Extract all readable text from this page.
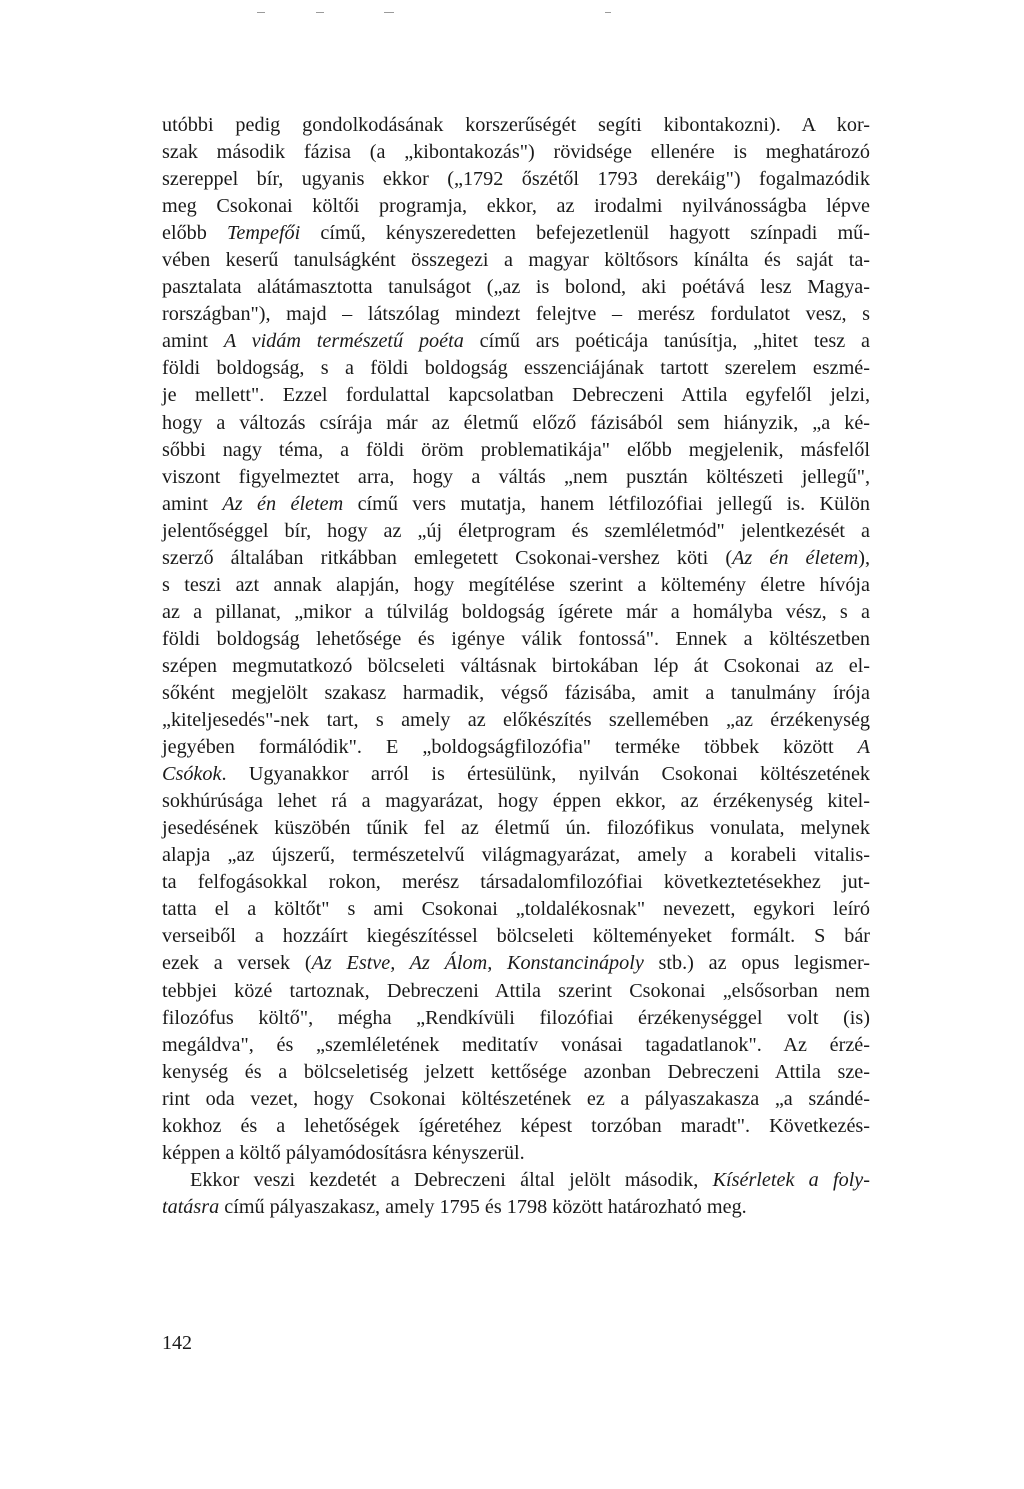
utóbbi pedig gondolkodásának korszerűségét segíti kibontakozni). A kor-
szak második fázisa (a „kibontakozás") rövidsége ellenére is meghatározó
szereppel bír, ugyanis ekkor („1792 őszétől 1793 derekáig") fogalmazódik
meg Csokonai költői programja, ekkor, az irodalmi nyilvánosságba lépve
előbb Tempefői című, kényszeredetten befejezetlenül hagyott színpadi mű-
vében keserű tanulságként összegezi a magyar költősors kínálta és saját ta-
pasztalata alátámasztotta tanulságot („az is bolond, aki poétává lesz Magya-
rországban"), majd – látszólag mindezt felejtve – merész fordulatot vesz, s
amint A vidám természetű poéta című ars poéticája tanúsítja, „hitet tesz a
földi boldogság, s a földi boldogság esszenciájának tartott szerelem eszmé-
je mellett". Ezzel fordulattal kapcsolatban Debreczeni Attila egyfelől jelzi,
hogy a változás csírája már az életmű előző fázisából sem hiányzik, „a ké-
sőbbi nagy téma, a földi öröm problematikája" előbb megjelenik, másfelől
viszont figyelmeztet arra, hogy a váltás „nem pusztán költészeti jellegű",
amint Az én életem című vers mutatja, hanem létfilozófiai jellegű is. Külön
jelentőséggel bír, hogy az „új életprogram és szemléletmód" jelentkezését a
szerző általában ritkábban emlegetett Csokonai-vershez köti (Az én életem),
s teszi azt annak alapján, hogy megítélése szerint a költemény életre hívója
az a pillanat, „mikor a túlvilág boldogság ígérete már a homályba vész, s a
földi boldogság lehetősége és igénye válik fontossá". Ennek a költészetben
szépen megmutatkozó bölcseleti váltásnak birtokában lép át Csokonai az el-
sőként megjelölt szakasz harmadik, végső fázisába, amit a tanulmány írója
„kiteljesedés"-nek tart, s amely az előkészítés szellemében „az érzékenység
jegyében formálódik". E „boldogságfilozófia" terméke többek között A
Csókok. Ugyanakkor arról is értesülünk, nyilván Csokonai költészetének
sokhúrúsága lehet rá a magyarázat, hogy éppen ekkor, az érzékenység kitel-
jesedésének küszöbén tűnik fel az életmű ún. filozófikus vonulata, melynek
alapja „az újszerű, természetelvű világmagyarázat, amely a korabeli vitalis-
ta felfogásokkal rokon, merész társadalomfilozófiai következtetésekhez jut-
tatta el a költőt" s ami Csokonai „toldalékosnak" nevezett, egykori leíró
verseiből a hozzáírt kiegészítéssel bölcseleti költeményeket formált. S bár
ezek a versek (Az Estve, Az Álom, Konstancinápoly stb.) az opus legismer-
tebbjei közé tartoznak, Debreczeni Attila szerint Csokonai „elsősorban nem
filozófus költő", mégha „Rendkívüli filozófiai érzékenységgel volt (is)
megáldva", és „szemléletének meditatív vonásai tagadatlanok". Az érzé-
kenység és a bölcseletiség jelzett kettősége azonban Debreczeni Attila sze-
rint oda vezet, hogy Csokonai költészetének ez a pályaszakasza „a szándé-
kokhoz és a lehetőségek ígéretéhez képest torzóban maradt". Következés-
képpen a költő pályamódosításra kényszerül.
Ekkor veszi kezdetét a Debreczeni által jelölt második, Kísérletek a foly-
tatásra című pályaszakasz, amely 1795 és 1798 között határozható meg.
142
